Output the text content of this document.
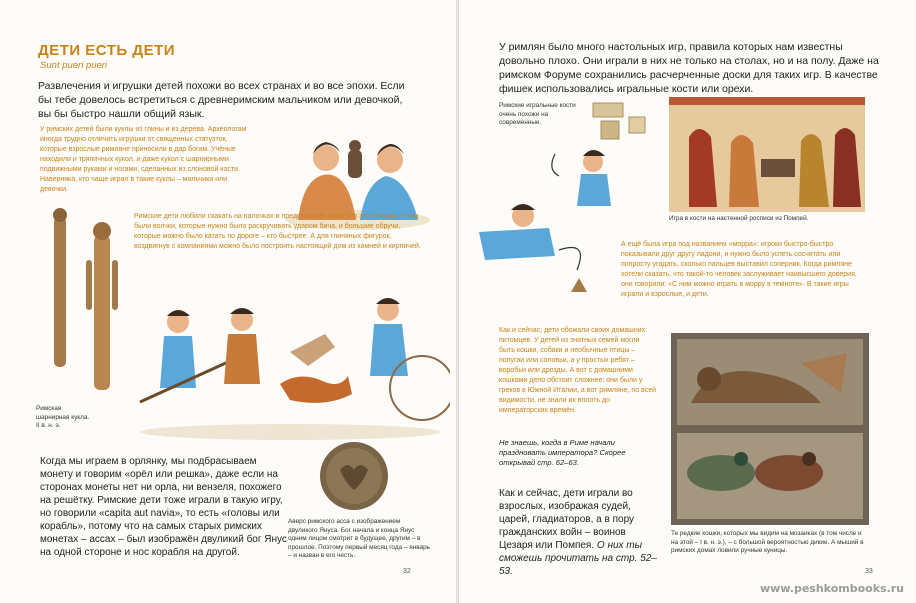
ДЕТИ ЕСТЬ ДЕТИ
Sunt pueri pueri
Развлечения и игрушки детей похожи во всех странах и во все эпохи. Если бы тебе довелось встретиться с древнеримским мальчиком или девочкой, вы бы быстро нашли общий язык.
У римских детей были куклы из глины и из дерева. Археологам иногда трудно отличить игрушки от священных статуэток, которые взрослые римляне приносили в дар богам. Учёные находили и тряпичных кукол, и даже кукол с шарнирными подвижными руками и ногами, сделанных из слоновой кости. Наверняка, кто чаще играл в такие куклы – мальчики или девочки.
Римские дети любили скакать на палочках и представлять себе, что это лошади. У них были волчки, которые нужно было раскручивать ударом бича, и большие обручи, которые можно было катать по дороге – кто быстрее. А для глиняных фигурок, воздвигнув с компаниями можно было построить настоящий дом из камней и кирпичей.
Римская шарнирная кукла. II в. н. э.
Когда мы играем в орлянку, мы подбрасываем монету и говорим «орёл или решка», даже если на сторонах монеты нет ни орла, ни вензеля, похожего на решётку. Римские дети тоже играли в такую игру, но говорили «capita aut navia», то есть «головы или корабль», потому что на самых старых римских монетах – ассах – был изображён двуликий бог Янус на одной стороне и нос корабля на другой.
Аверс римского асса с изображением двуликого Януса. Бог начала и конца Янус одним лицом смотрит в будущее, другим – в прошлое. Поэтому первый месяц года – январь – и назван в его честь.
32
У римлян было много настольных игр, правила которых нам известны довольно плохо. Они играли в них не только на столах, но и на полу. Даже на римском Форуме сохранились расчерченные доски для таких игр. В качестве фишек использовались игральные кости или орехи.
Римские игральные кости очень похожи на современные.
Игра в кости на настенной росписи из Помпей.
А ещё была игра под названием «морра»: игроки быстро-быстро показывали друг другу ладони, и нужно было успеть сосчитать или попросту угадать, сколько пальцев выставил соперник. Когда римляне хотели сказать, что такой-то человек заслуживает наивысшего доверия, они говорили: «С ним можно играть в морру в темноте». В такие игры играли и взрослые, и дети.
Как и сейчас, дети обожали своих домашних питомцев. У детей из знатных семей могли быть кошки, собаки и необычные птицы – попугаи или соловьи, а у простых ребят – воробьи или дрозды. А вот с домашними кошками дело обстоит сложнее: они были у греков в Южной Италии, а вот римляне, по всей видимости, не знали их вплоть до императорских времён.
Не знаешь, когда в Риме начали праздновать императора? Скорее открывай стр. 62–63.
Как и сейчас, дети играли во взрослых, изображая судей, царей, гладиаторов, а в пору гражданских войн – воинов Цезаря или Помпея. О них ты сможешь прочитать на стр. 52–53.
Те редкие кошки, которых мы видим на мозаиках (в том числе и на этой – I в. н. э.), – с большой вероятностью дикие. А мыший в римских домах ловили ручные куницы.
33
www.peshkombooks.ru
